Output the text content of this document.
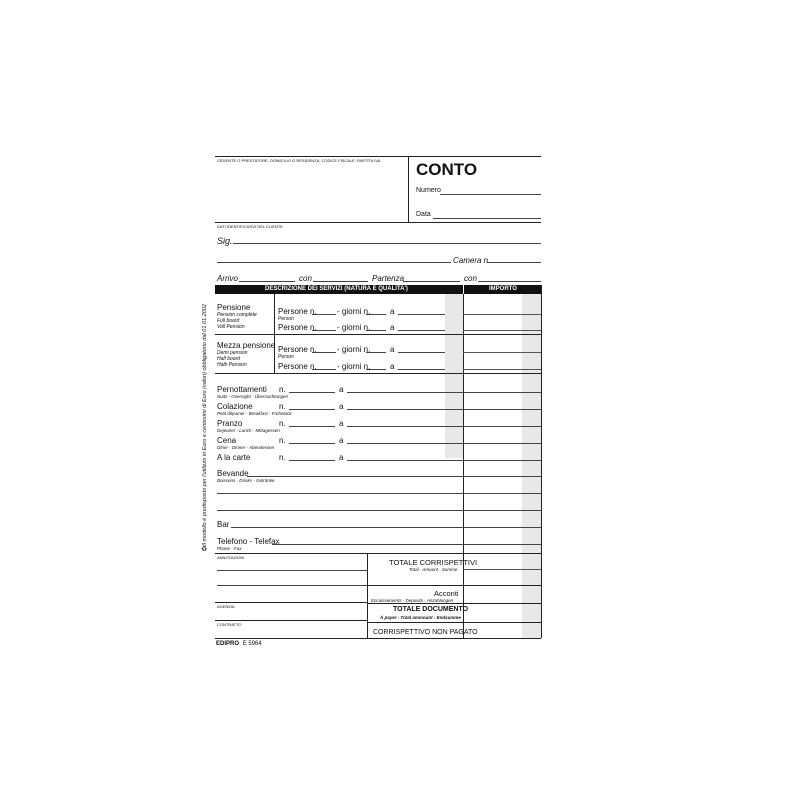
CEDENTE O PRESTATORE, DOMICILIO O RESIDENZA, CODICE FISCALE, PARTITA IVA CONTO
Numero
Data
DATI IDENTIFICATIVI DEL CLIENTE
Sig.
Camera n.
Arrivo	con	Partenza	con
DESCRIZIONE DEI SERVIZI (NATURA E QUALITA')	IMPORTO
Il modello è predisposto per l'utilizzo in Euro e centesimi di Euro (valori) obbligatorio dal 01.01.2002
♻
Pensione
Pension complète
Full board
Voll Pension
Persone n.	- giorni n. a
Person
Persone n.	- giorni n. a
Mezza pensione
Demi pension
Half board
Halb Pension
Persone n.	- giorni n. a
Person
Persone n.	- giorni n. a
Pernottamenti
Nuits - Overnight - Übernachtungen
n.	a
Colazione
Petit déjeuner - Breakfast - Frühstück
n.	a
Pranzo
Dejeuner - Lunch - Mittagessen
n.	a
Cena
Dîner - Dinner - Abendessen
n.	a
A la carte	n.	a
Bevande
Boissons - Drinks - Getränke
Bar
Telefono - Telefax
Phone - Fax
ANNOTAZIONI
AGENZIA
CONTRATTO
TOTALE CORRISPETTIVI
Total - Amount - Summe
Acconti
Encaissements - Deposits - Anzahlungen
TOTALE DOCUMENTO
À payer - Total ammount - Endsumme
CORRISPETTIVO NON PAGATO
EDIPRO E 5964
